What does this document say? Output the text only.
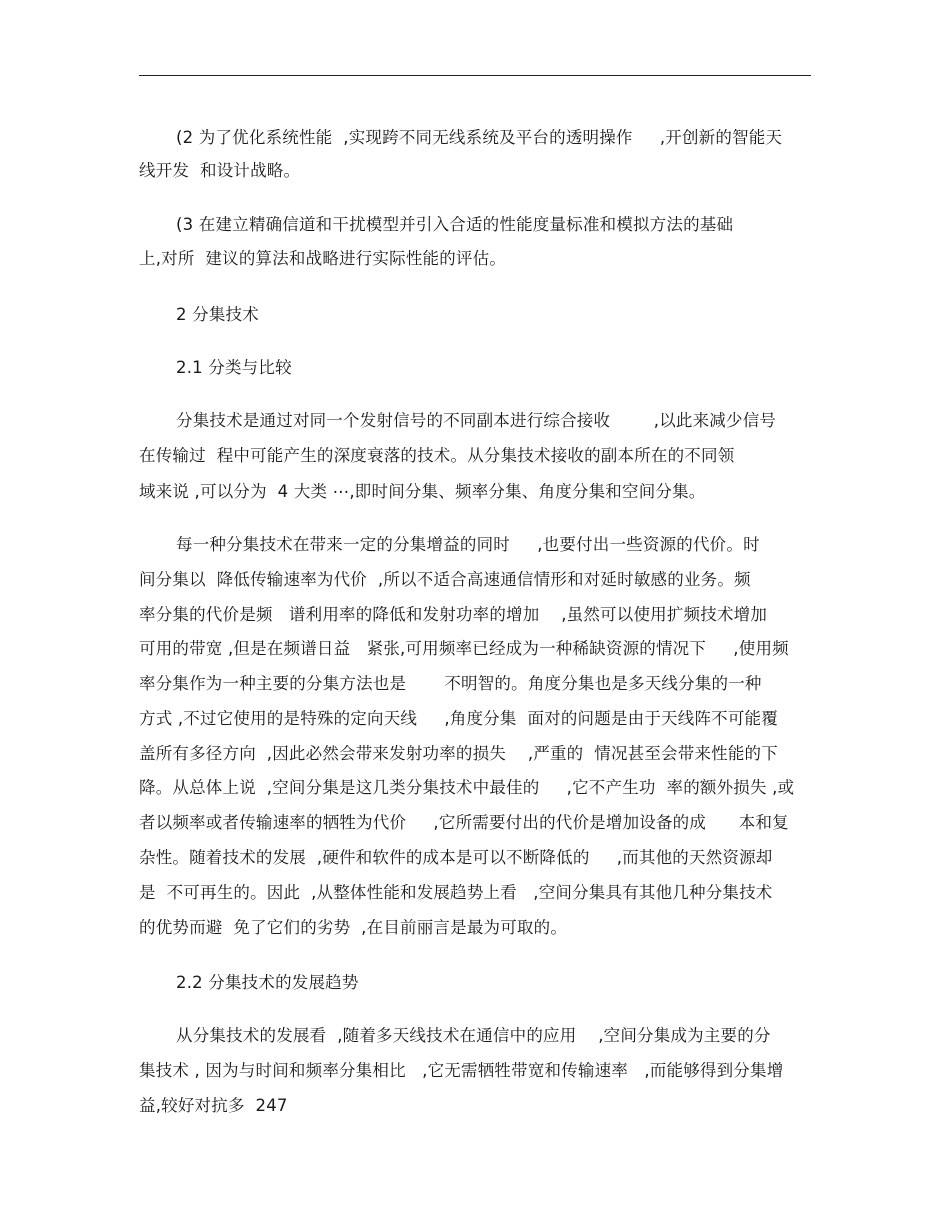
(2 为了优化系统性能  ,实现跨不同无线系统及平台的透明操作     ,开创新的智能天
线开发  和设计战略。
(3 在建立精确信道和干扰模型并引入合适的性能度量标准和模拟方法的基础
上,对所  建议的算法和战略进行实际性能的评估。
2 分集技术
2.1 分类与比较
分集技术是通过对同一个发射信号的不同副本进行综合接收        ,以此来减少信号
在传输过  程中可能产生的深度衰落的技术。从分集技术接收的副本所在的不同领
域来说 ,可以分为  4 大类 ⋯,即时间分集、频率分集、角度分集和空间分集。
每一种分集技术在带来一定的分集增益的同时     ,也要付出一些资源的代价。时
间分集以  降低传输速率为代价  ,所以不适合高速通信情形和对延时敏感的业务。频
率分集的代价是频   谱利用率的降低和发射功率的增加    ,虽然可以使用扩频技术增加
可用的带宽 ,但是在频谱日益   紧张,可用频率已经成为一种稀缺资源的情况下     ,使用频
率分集作为一种主要的分集方法也是       不明智的。角度分集也是多天线分集的一种
方式 ,不过它使用的是特殊的定向天线     ,角度分集  面对的问题是由于天线阵不可能覆
盖所有多径方向  ,因此必然会带来发射功率的损失    ,严重的  情况甚至会带来性能的下
降。从总体上说  ,空间分集是这几类分集技术中最佳的     ,它不产生功  率的额外损失 ,或
者以频率或者传输速率的牺牲为代价     ,它所需要付出的代价是增加设备的成      本和复
杂性。随着技术的发展  ,硬件和软件的成本是可以不断降低的     ,而其他的天然资源却
是  不可再生的。因此  ,从整体性能和发展趋势上看   ,空间分集具有其他几种分集技术
的优势而避  免了它们的劣势  ,在目前丽言是最为可取的。
2.2 分集技术的发展趋势
从分集技术的发展看  ,随着多天线技术在通信中的应用    ,空间分集成为主要的分
集技术 , 因为与时间和频率分集相比   ,它无需牺牲带宽和传输速率   ,而能够得到分集增
益,较好对抗多  247
